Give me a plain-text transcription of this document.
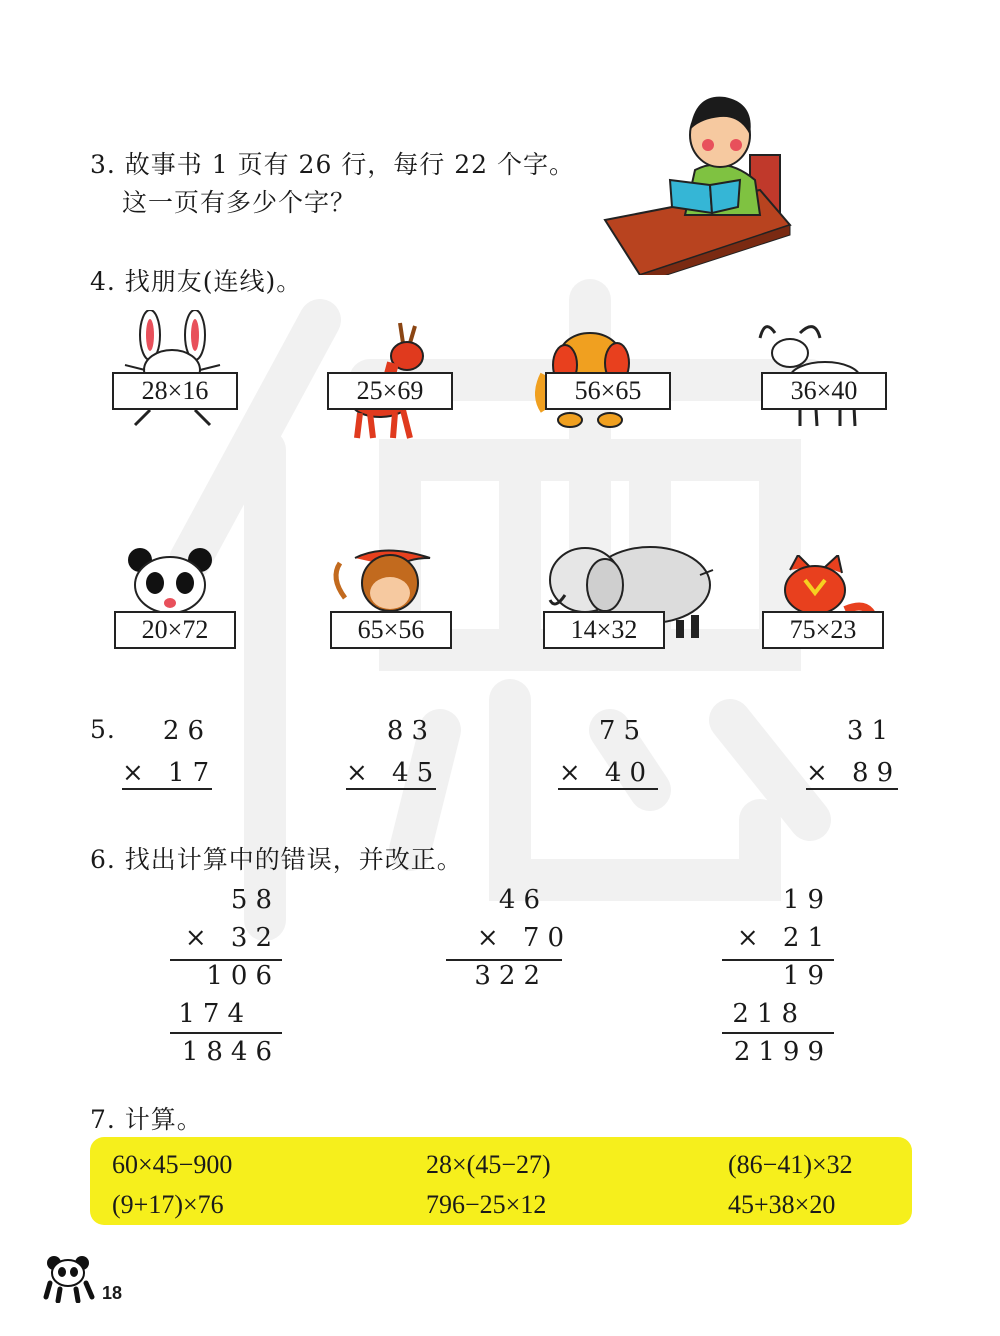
3. 故事书 1 页有 26 行，每行 22 个字。
这一页有多少个字？
4. 找朋友(连线)。
28×16	25×69	56×65	36×40
20×72	65×56	14×32	75×23
5.	26
× 17
83
× 45
75
× 40
31
× 89
6. 找出计算中的错误，并改正。
58
× 32
106
174
1846
46
× 70
322
19
× 21
19
218
2199
7. 计算。
60×45−900	28×(45−27)	(86−41)×32
(9+17)×76	796−25×12	45+38×20
18
